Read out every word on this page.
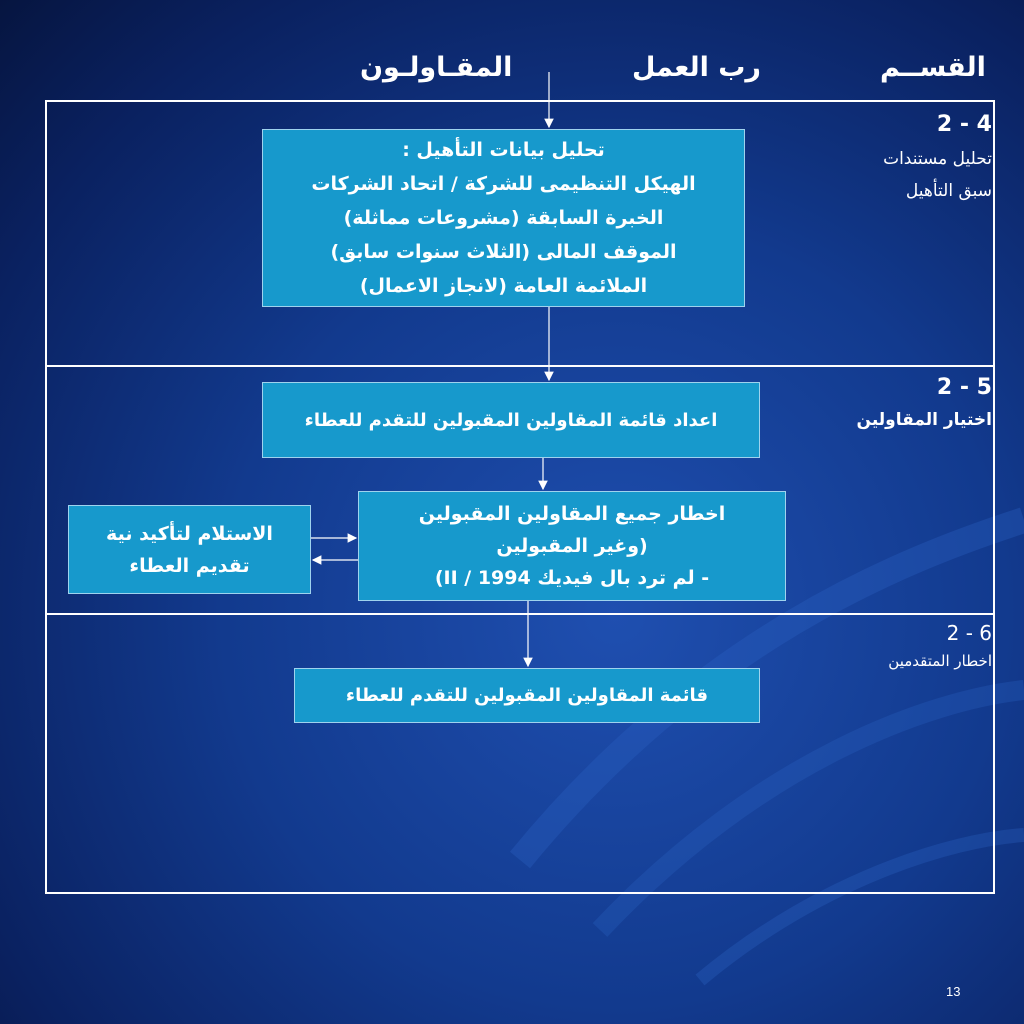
القســم
رب العمل
المقـاولـون
2 - 4
تحليل مستندات
سبق التأهيل
2 - 5
اختيار المقاولين
2 - 6
اخطار المتقدمين
تحليل بيانات التأهيل :
الهيكل التنظيمى للشركة / اتحاد الشركات
الخبرة السابقة (مشروعات مماثلة)
الموقف المالى (الثلاث سنوات سابق)
الملائمة العامة (لانجاز الاعمال)
اعداد قائمة المقاولين المقبولين للتقدم للعطاء
اخطار جميع المقاولين المقبولين
(وغير المقبولين
- لم ترد بال فيديك II / 1994)
الاستلام لتأكيد نية
تقديم العطاء
قائمة المقاولين المقبولين للتقدم للعطاء
13
